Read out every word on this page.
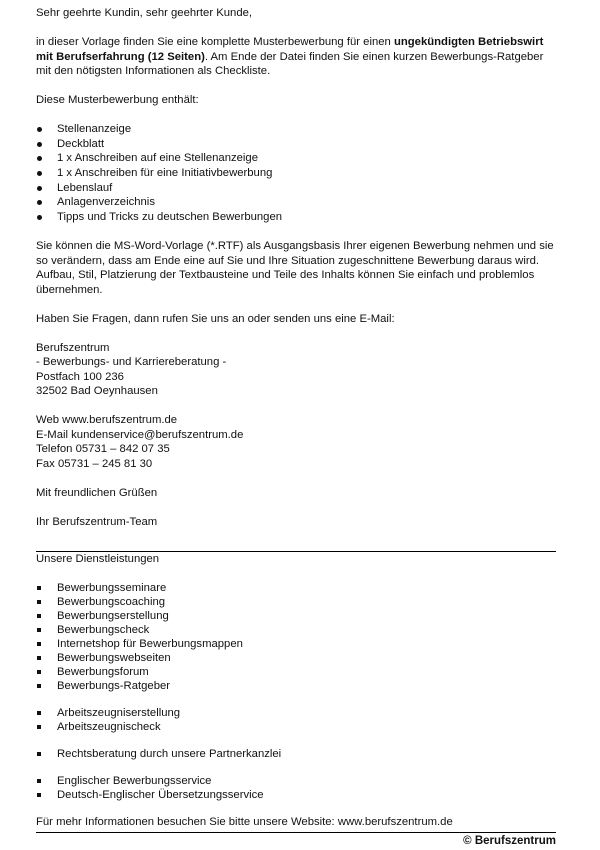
Sehr geehrte Kundin, sehr geehrter Kunde,

in dieser Vorlage finden Sie eine komplette Musterbewerbung für einen ungekündigten Betriebswirt mit Berufserfahrung (12 Seiten). Am Ende der Datei finden Sie einen kurzen Bewerbungs-Ratgeber mit den nötigsten Informationen als Checkliste.

Diese Musterbewerbung enthält:

Stellenanzeige
Deckblatt
1 x Anschreiben auf eine Stellenanzeige
1 x Anschreiben für eine Initiativbewerbung
Lebenslauf
Anlagenverzeichnis
Tipps und Tricks zu deutschen Bewerbungen

Sie können die MS-Word-Vorlage (*.RTF) als Ausgangsbasis Ihrer eigenen Bewerbung nehmen und sie so verändern, dass am Ende eine auf Sie und Ihre Situation zugeschnittene Bewerbung daraus wird. Aufbau, Stil, Platzierung der Textbausteine und Teile des Inhalts können Sie einfach und problemlos übernehmen.

Haben Sie Fragen, dann rufen Sie uns an oder senden uns eine E-Mail:

Berufszentrum

- Bewerbungs- und Karriereberatung -

Postfach 100 236

32502 Bad Oeynhausen

Web www.berufszentrum.de

E-Mail kundenservice@berufszentrum.de

Telefon 05731 – 842 07 35

Fax 05731 – 245 81 30

Mit freundlichen Grüßen

Ihr Berufszentrum-Team

Unsere Dienstleistungen

Bewerbungsseminare
Bewerbungscoaching
Bewerbungserstellung
Bewerbungscheck
Internetshop für Bewerbungsmappen
Bewerbungswebseiten
Bewerbungsforum
Bewerbungs-Ratgeber
Arbeitszeugniserstellung
Arbeitszeugnischeck
Rechtsberatung durch unsere Partnerkanzlei
Englischer Bewerbungsservice
Deutsch-Englischer Übersetzungsservice

Für mehr Informationen besuchen Sie bitte unsere Website: www.berufszentrum.de

© Berufszentrum
